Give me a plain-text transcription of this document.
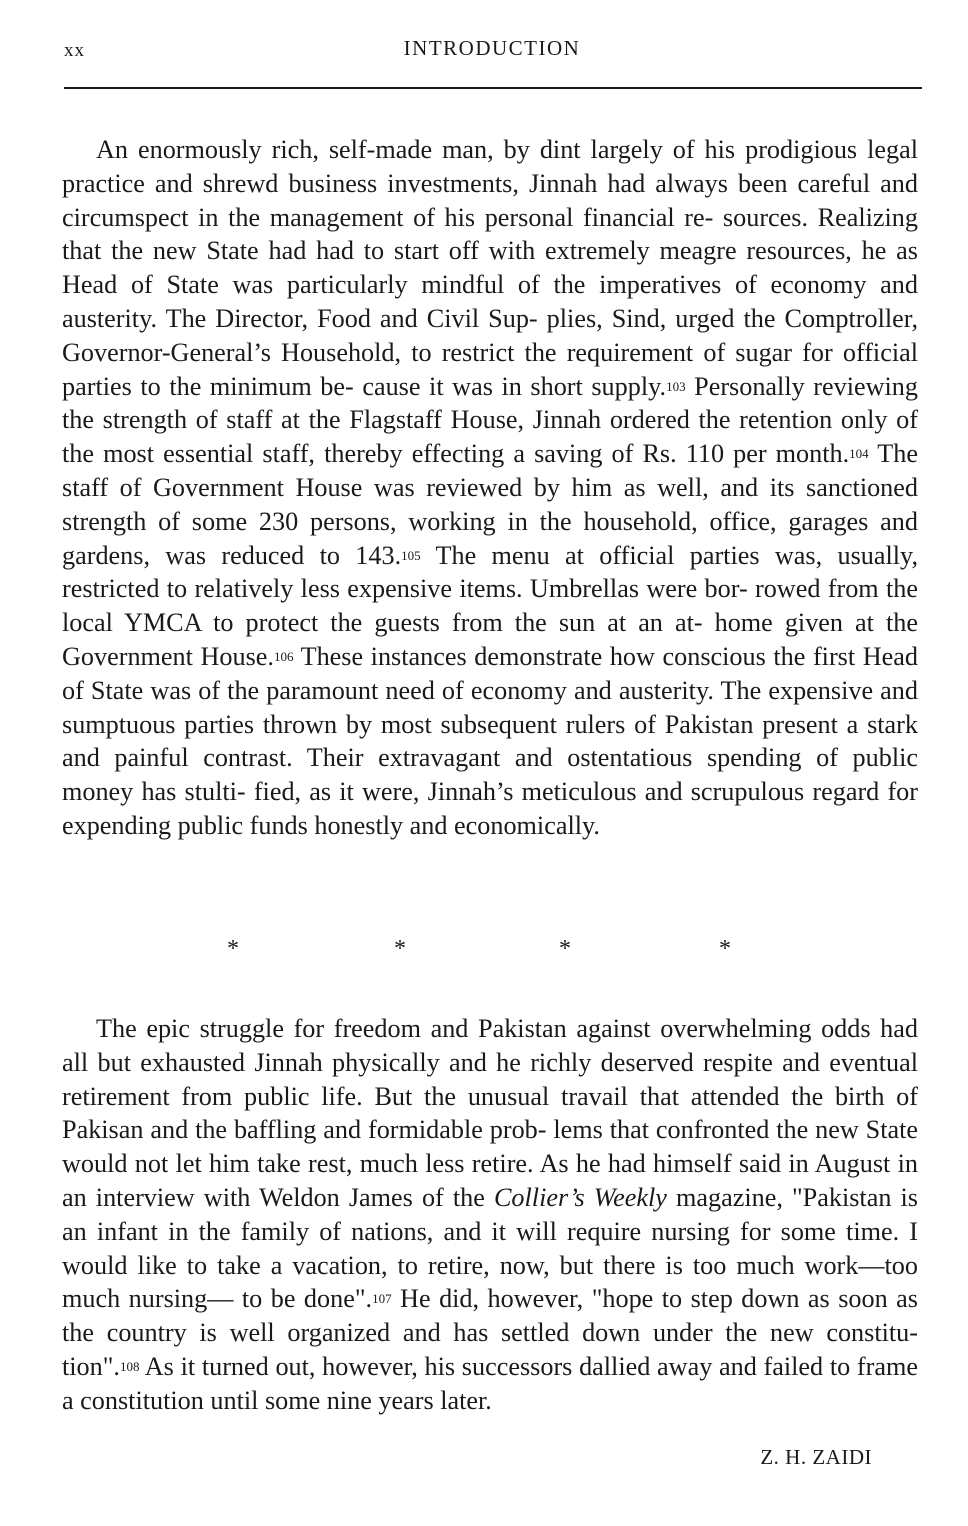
xx	INTRODUCTION

An enormously rich, self-made man, by dint largely of his prodigious legal practice and shrewd business investments, Jinnah had always been careful and circumspect in the management of his personal financial re- sources. Realizing that the new State had had to start off with extremely meagre resources, he as Head of State was particularly mindful of the imperatives of economy and austerity. The Director, Food and Civil Sup- plies, Sind, urged the Comptroller, Governor-General’s Household, to restrict the requirement of sugar for official parties to the minimum be- cause it was in short supply.$^{103}$ Personally reviewing the strength of staff at the Flagstaff House, Jinnah ordered the retention only of the most essential staff, thereby effecting a saving of Rs. 110 per month.$^{104}$ The staff of Government House was reviewed by him as well, and its sanctioned strength of some 230 persons, working in the household, office, garages and gardens, was reduced to 143.$^{105}$ The menu at official parties was, usually, restricted to relatively less expensive items. Umbrellas were bor- rowed from the local YMCA to protect the guests from the sun at an at- home given at the Government House.$^{106}$ These instances demonstrate how conscious the first Head of State was of the paramount need of economy and austerity. The expensive and sumptuous parties thrown by most subsequent rulers of Pakistan present a stark and painful contrast. Their extravagant and ostentatious spending of public money has stulti- fied, as it were, Jinnah’s meticulous and scrupulous regard for expending public funds honestly and economically.

*	*	*	*

The epic struggle for freedom and Pakistan against overwhelming odds had all but exhausted Jinnah physically and he richly deserved respite and eventual retirement from public life. But the unusual travail that attended the birth of Pakisan and the baffling and formidable prob- lems that confronted the new State would not let him take rest, much less retire. As he had himself said in August in an interview with Weldon James of the Collier’s Weekly magazine, "Pakistan is an infant in the family of nations, and it will require nursing for some time. I would like to take a vacation, to retire, now, but there is too much work—too much nursing— to be done".$^{107}$ He did, however, "hope to step down as soon as the country is well organized and has settled down under the new constitu- tion".$^{108}$ As it turned out, however, his successors dallied away and failed to frame a constitution until some nine years later.

Z. H. ZAIDI
